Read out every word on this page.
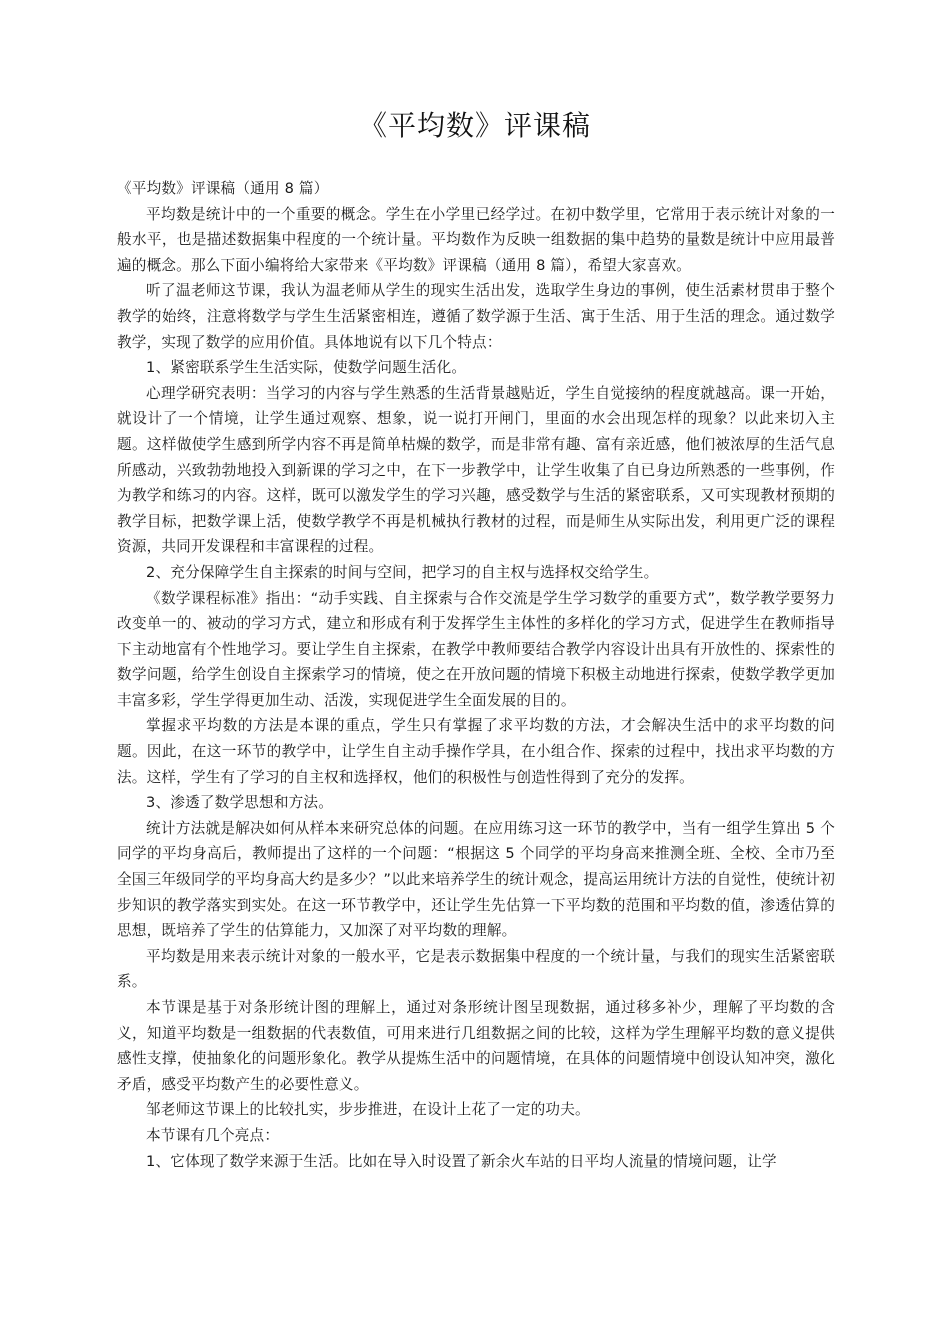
《平均数》评课稿

《平均数》评课稿（通用 8 篇）

平均数是统计中的一个重要的概念。学生在小学里已经学过。在初中数学里，它常用于表示统计对象的一般水平，也是描述数据集中程度的一个统计量。平均数作为反映一组数据的集中趋势的量数是统计中应用最普遍的概念。那么下面小编将给大家带来《平均数》评课稿（通用 8 篇），希望大家喜欢。

听了温老师这节课，我认为温老师从学生的现实生活出发，选取学生身边的事例，使生活素材贯串于整个教学的始终，注意将数学与学生生活紧密相连，遵循了数学源于生活、寓于生活、用于生活的理念。通过数学教学，实现了数学的应用价值。具体地说有以下几个特点：

1、紧密联系学生生活实际，使数学问题生活化。

心理学研究表明：当学习的内容与学生熟悉的生活背景越贴近，学生自觉接纳的程度就越高。课一开始，就设计了一个情境，让学生通过观察、想象，说一说打开闸门，里面的水会出现怎样的现象？以此来切入主题。这样做使学生感到所学内容不再是简单枯燥的数学，而是非常有趣、富有亲近感，他们被浓厚的生活气息所感动，兴致勃勃地投入到新课的学习之中，在下一步教学中，让学生收集了自已身边所熟悉的一些事例，作为教学和练习的内容。这样，既可以激发学生的学习兴趣，感受数学与生活的紧密联系，又可实现教材预期的教学目标，把数学课上活，使数学教学不再是机械执行教材的过程，而是师生从实际出发，利用更广泛的课程资源，共同开发课程和丰富课程的过程。

2、充分保障学生自主探索的时间与空间，把学习的自主权与选择权交给学生。

《数学课程标准》指出：“动手实践、自主探索与合作交流是学生学习数学的重要方式”，数学教学要努力改变单一的、被动的学习方式，建立和形成有利于发挥学生主体性的多样化的学习方式，促进学生在教师指导下主动地富有个性地学习。要让学生自主探索，在教学中教师要结合教学内容设计出具有开放性的、探索性的数学问题，给学生创设自主探索学习的情境，使之在开放问题的情境下积极主动地进行探索，使数学教学更加丰富多彩，学生学得更加生动、活泼，实现促进学生全面发展的目的。

掌握求平均数的方法是本课的重点，学生只有掌握了求平均数的方法，才会解决生活中的求平均数的问题。因此，在这一环节的教学中，让学生自主动手操作学具，在小组合作、探索的过程中，找出求平均数的方法。这样，学生有了学习的自主权和选择权，他们的积极性与创造性得到了充分的发挥。

3、渗透了数学思想和方法。

统计方法就是解决如何从样本来研究总体的问题。在应用练习这一环节的教学中，当有一组学生算出 5 个同学的平均身高后，教师提出了这样的一个问题：“根据这 5 个同学的平均身高来推测全班、全校、全市乃至全国三年级同学的平均身高大约是多少？”以此来培养学生的统计观念，提高运用统计方法的自觉性，使统计初步知识的教学落实到实处。在这一环节教学中，还让学生先估算一下平均数的范围和平均数的值，渗透估算的思想，既培养了学生的估算能力，又加深了对平均数的理解。

平均数是用来表示统计对象的一般水平，它是表示数据集中程度的一个统计量，与我们的现实生活紧密联系。

本节课是基于对条形统计图的理解上，通过对条形统计图呈现数据，通过移多补少，理解了平均数的含义，知道平均数是一组数据的代表数值，可用来进行几组数据之间的比较，这样为学生理解平均数的意义提供感性支撑，使抽象化的问题形象化。教学从提炼生活中的问题情境，在具体的问题情境中创设认知冲突，激化矛盾，感受平均数产生的必要性意义。

邹老师这节课上的比较扎实，步步推进，在设计上花了一定的功夫。

本节课有几个亮点：

1、它体现了数学来源于生活。比如在导入时设置了新余火车站的日平均人流量的情境问题，让学
